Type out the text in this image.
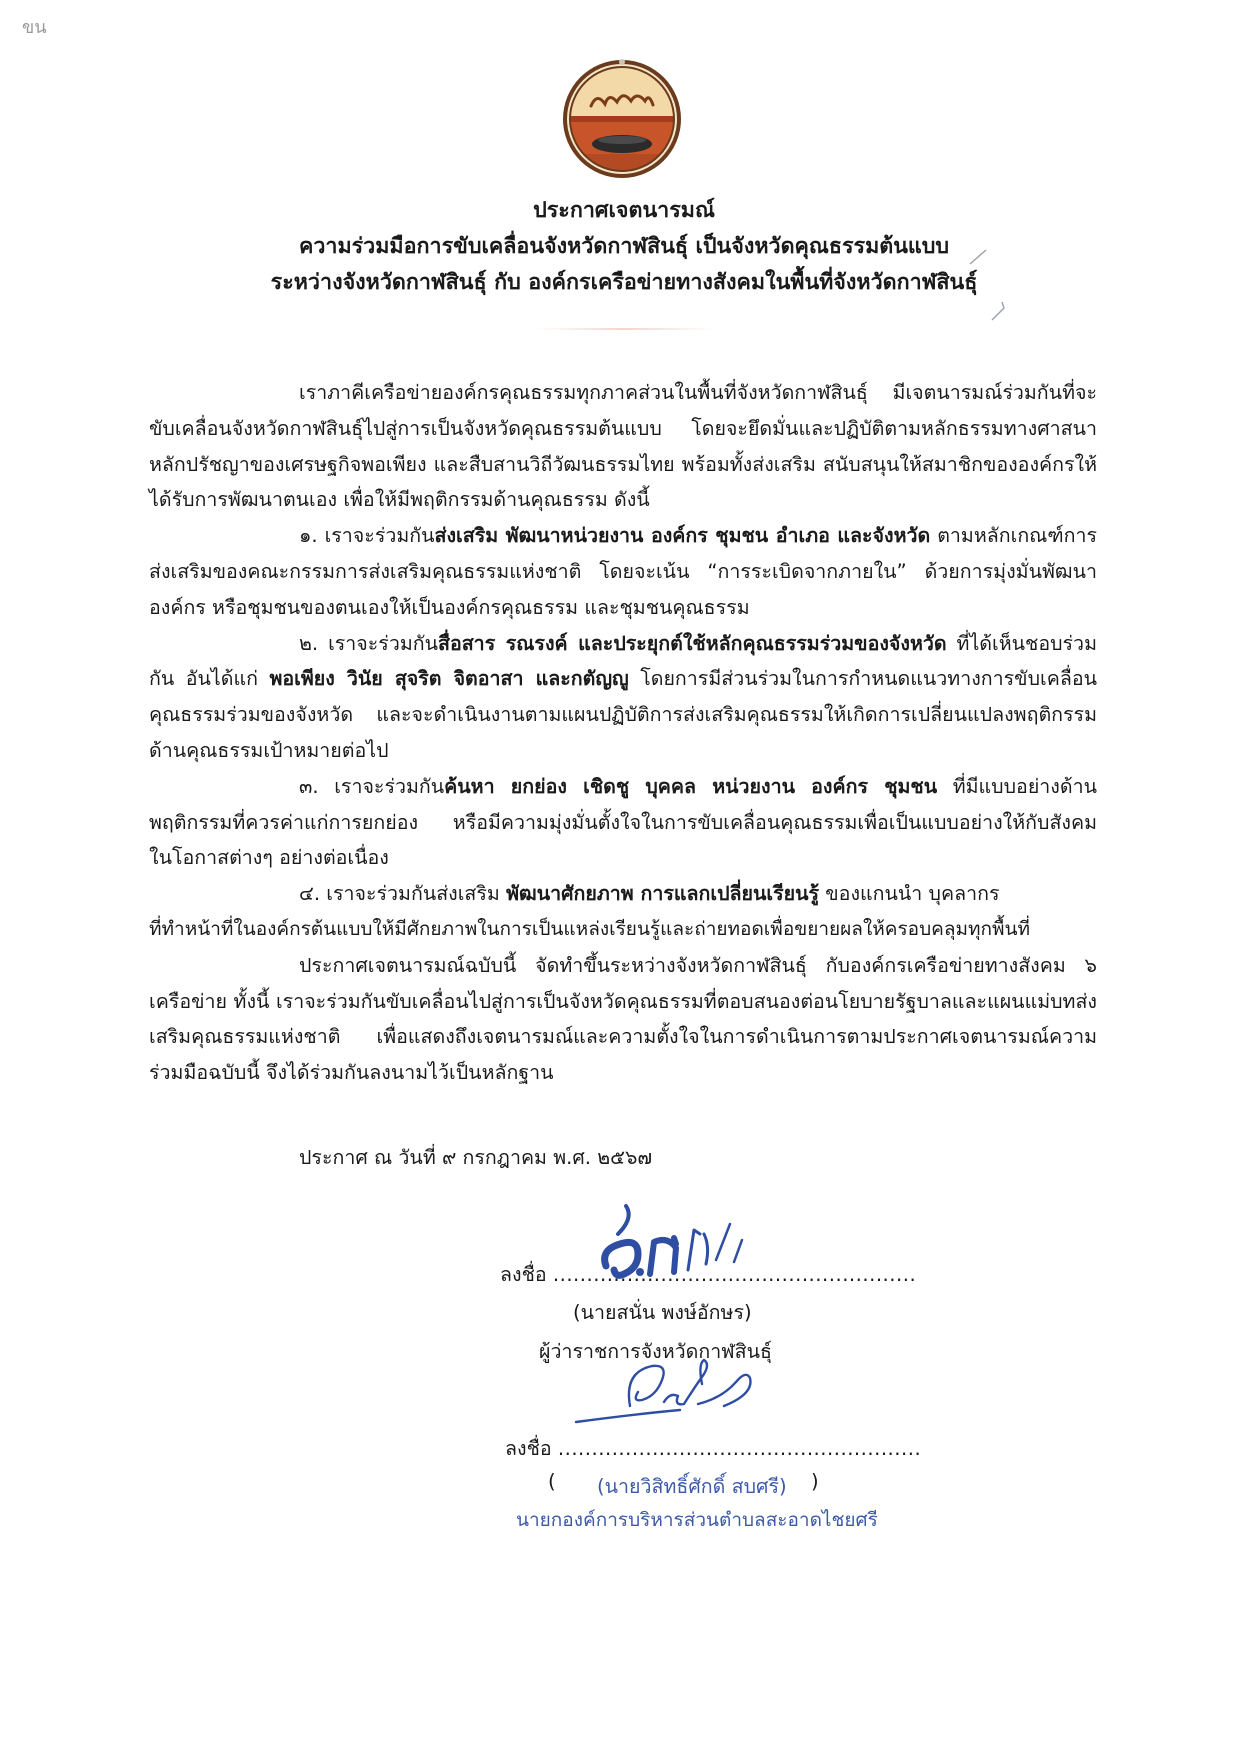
ขน
ประกาศเจตนารมณ์
ความร่วมมือการขับเคลื่อนจังหวัดกาฬสินธุ์ เป็นจังหวัดคุณธรรมต้นแบบ
ระหว่างจังหวัดกาฬสินธุ์ กับ องค์กรเครือข่ายทางสังคมในพื้นที่จังหวัดกาฬสินธุ์

เราภาคีเครือข่ายองค์กรคุณธรรมทุกภาคส่วนในพื้นที่จังหวัดกาฬสินธุ์ มีเจตนารมณ์ร่วมกันที่จะขับเคลื่อนจังหวัดกาฬสินธุ์ไปสู่การเป็นจังหวัดคุณธรรมต้นแบบ โดยจะยึดมั่นและปฏิบัติตามหลักธรรมทางศาสนา หลักปรัชญาของเศรษฐกิจพอเพียง และสืบสานวิถีวัฒนธรรมไทย พร้อมทั้งส่งเสริม สนับสนุนให้สมาชิกขององค์กรให้ได้รับการพัฒนาตนเอง เพื่อให้มีพฤติกรรมด้านคุณธรรม ดังนี้

๑. เราจะร่วมกันส่งเสริม พัฒนาหน่วยงาน องค์กร ชุมชน อำเภอ และจังหวัด ตามหลักเกณฑ์การส่งเสริมของคณะกรรมการส่งเสริมคุณธรรมแห่งชาติ โดยจะเน้น “การระเบิดจากภายใน” ด้วยการมุ่งมั่นพัฒนาองค์กร หรือชุมชนของตนเองให้เป็นองค์กรคุณธรรม และชุมชนคุณธรรม

๒. เราจะร่วมกันสื่อสาร รณรงค์ และประยุกต์ใช้หลักคุณธรรมร่วมของจังหวัด ที่ได้เห็นชอบร่วมกัน อันได้แก่ พอเพียง วินัย สุจริต จิตอาสา และกตัญญู โดยการมีส่วนร่วมในการกำหนดแนวทางการขับเคลื่อนคุณธรรมร่วมของจังหวัด และจะดำเนินงานตามแผนปฏิบัติการส่งเสริมคุณธรรมให้เกิดการเปลี่ยนแปลงพฤติกรรมด้านคุณธรรมเป้าหมายต่อไป

๓. เราจะร่วมกันค้นหา ยกย่อง เชิดชู บุคคล หน่วยงาน องค์กร ชุมชน ที่มีแบบอย่างด้านพฤติกรรมที่ควรค่าแก่การยกย่อง หรือมีความมุ่งมั่นตั้งใจในการขับเคลื่อนคุณธรรมเพื่อเป็นแบบอย่างให้กับสังคม ในโอกาสต่างๆ อย่างต่อเนื่อง

๔. เราจะร่วมกันส่งเสริม พัฒนาศักยภาพ การแลกเปลี่ยนเรียนรู้ ของแกนนำ บุคลากร

ที่ทำหน้าที่ในองค์กรต้นแบบให้มีศักยภาพในการเป็นแหล่งเรียนรู้และถ่ายทอดเพื่อขยายผลให้ครอบคลุมทุกพื้นที่

ประกาศเจตนารมณ์ฉบับนี้ จัดทำขึ้นระหว่างจังหวัดกาฬสินธุ์ กับองค์กรเครือข่ายทางสังคม ๖ เครือข่าย ทั้งนี้ เราจะร่วมกันขับเคลื่อนไปสู่การเป็นจังหวัดคุณธรรมที่ตอบสนองต่อนโยบายรัฐบาลและแผนแม่บทส่งเสริมคุณธรรมแห่งชาติ เพื่อแสดงถึงเจตนารมณ์และความตั้งใจในการดำเนินการตามประกาศเจตนารมณ์ความร่วมมือฉบับนี้ จึงได้ร่วมกันลงนามไว้เป็นหลักฐาน

ประกาศ ณ วันที่ ๙ กรกฎาคม พ.ศ. ๒๕๖๗
ลงชื่อ ......................................................
(นายสนั่น พงษ์อักษร)
ผู้ว่าราชการจังหวัดกาฬสินธุ์
ลงชื่อ ......................................................
( (นายวิสิทธิ์ศักดิ์ สบศรี) )
นายกองค์การบริหารส่วนตำบลสะอาดไชยศรี
